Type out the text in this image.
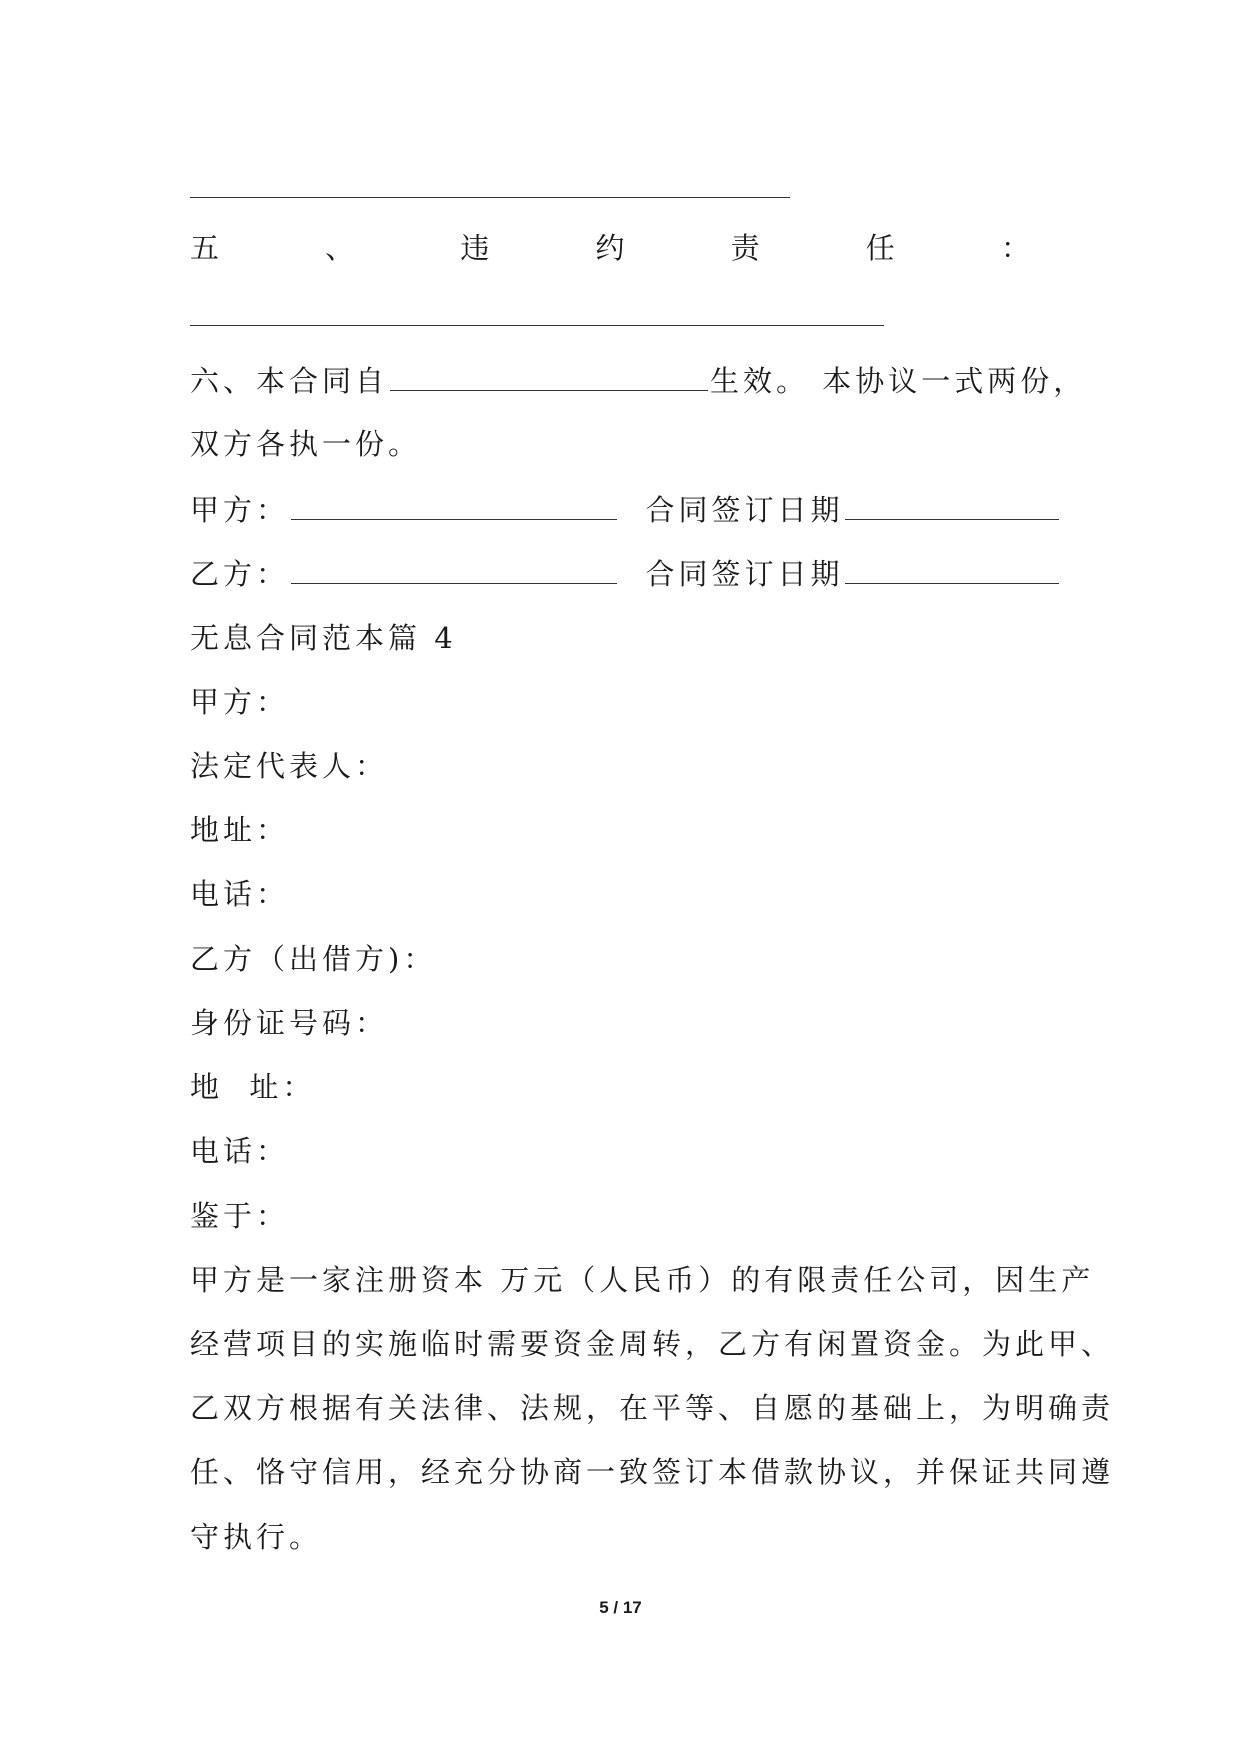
五	、	违	约	责	任	：
六、本合同自	生效。 本协议一式两份，
双方各执一份。
甲方：	合同签订日期
乙方：	合同签订日期
无息合同范本篇 4
甲方：
法定代表人：
地址：
电话：
乙方（出借方)：
身份证号码：
地  址：
电话：
鉴于：
甲方是一家注册资本 万元（人民币）的有限责任公司，因生产
经营项目的实施临时需要资金周转，乙方有闲置资金。为此甲、
乙双方根据有关法律、法规，在平等、自愿的基础上，为明确责
任、恪守信用，经充分协商一致签订本借款协议，并保证共同遵
守执行。
5 / 17
